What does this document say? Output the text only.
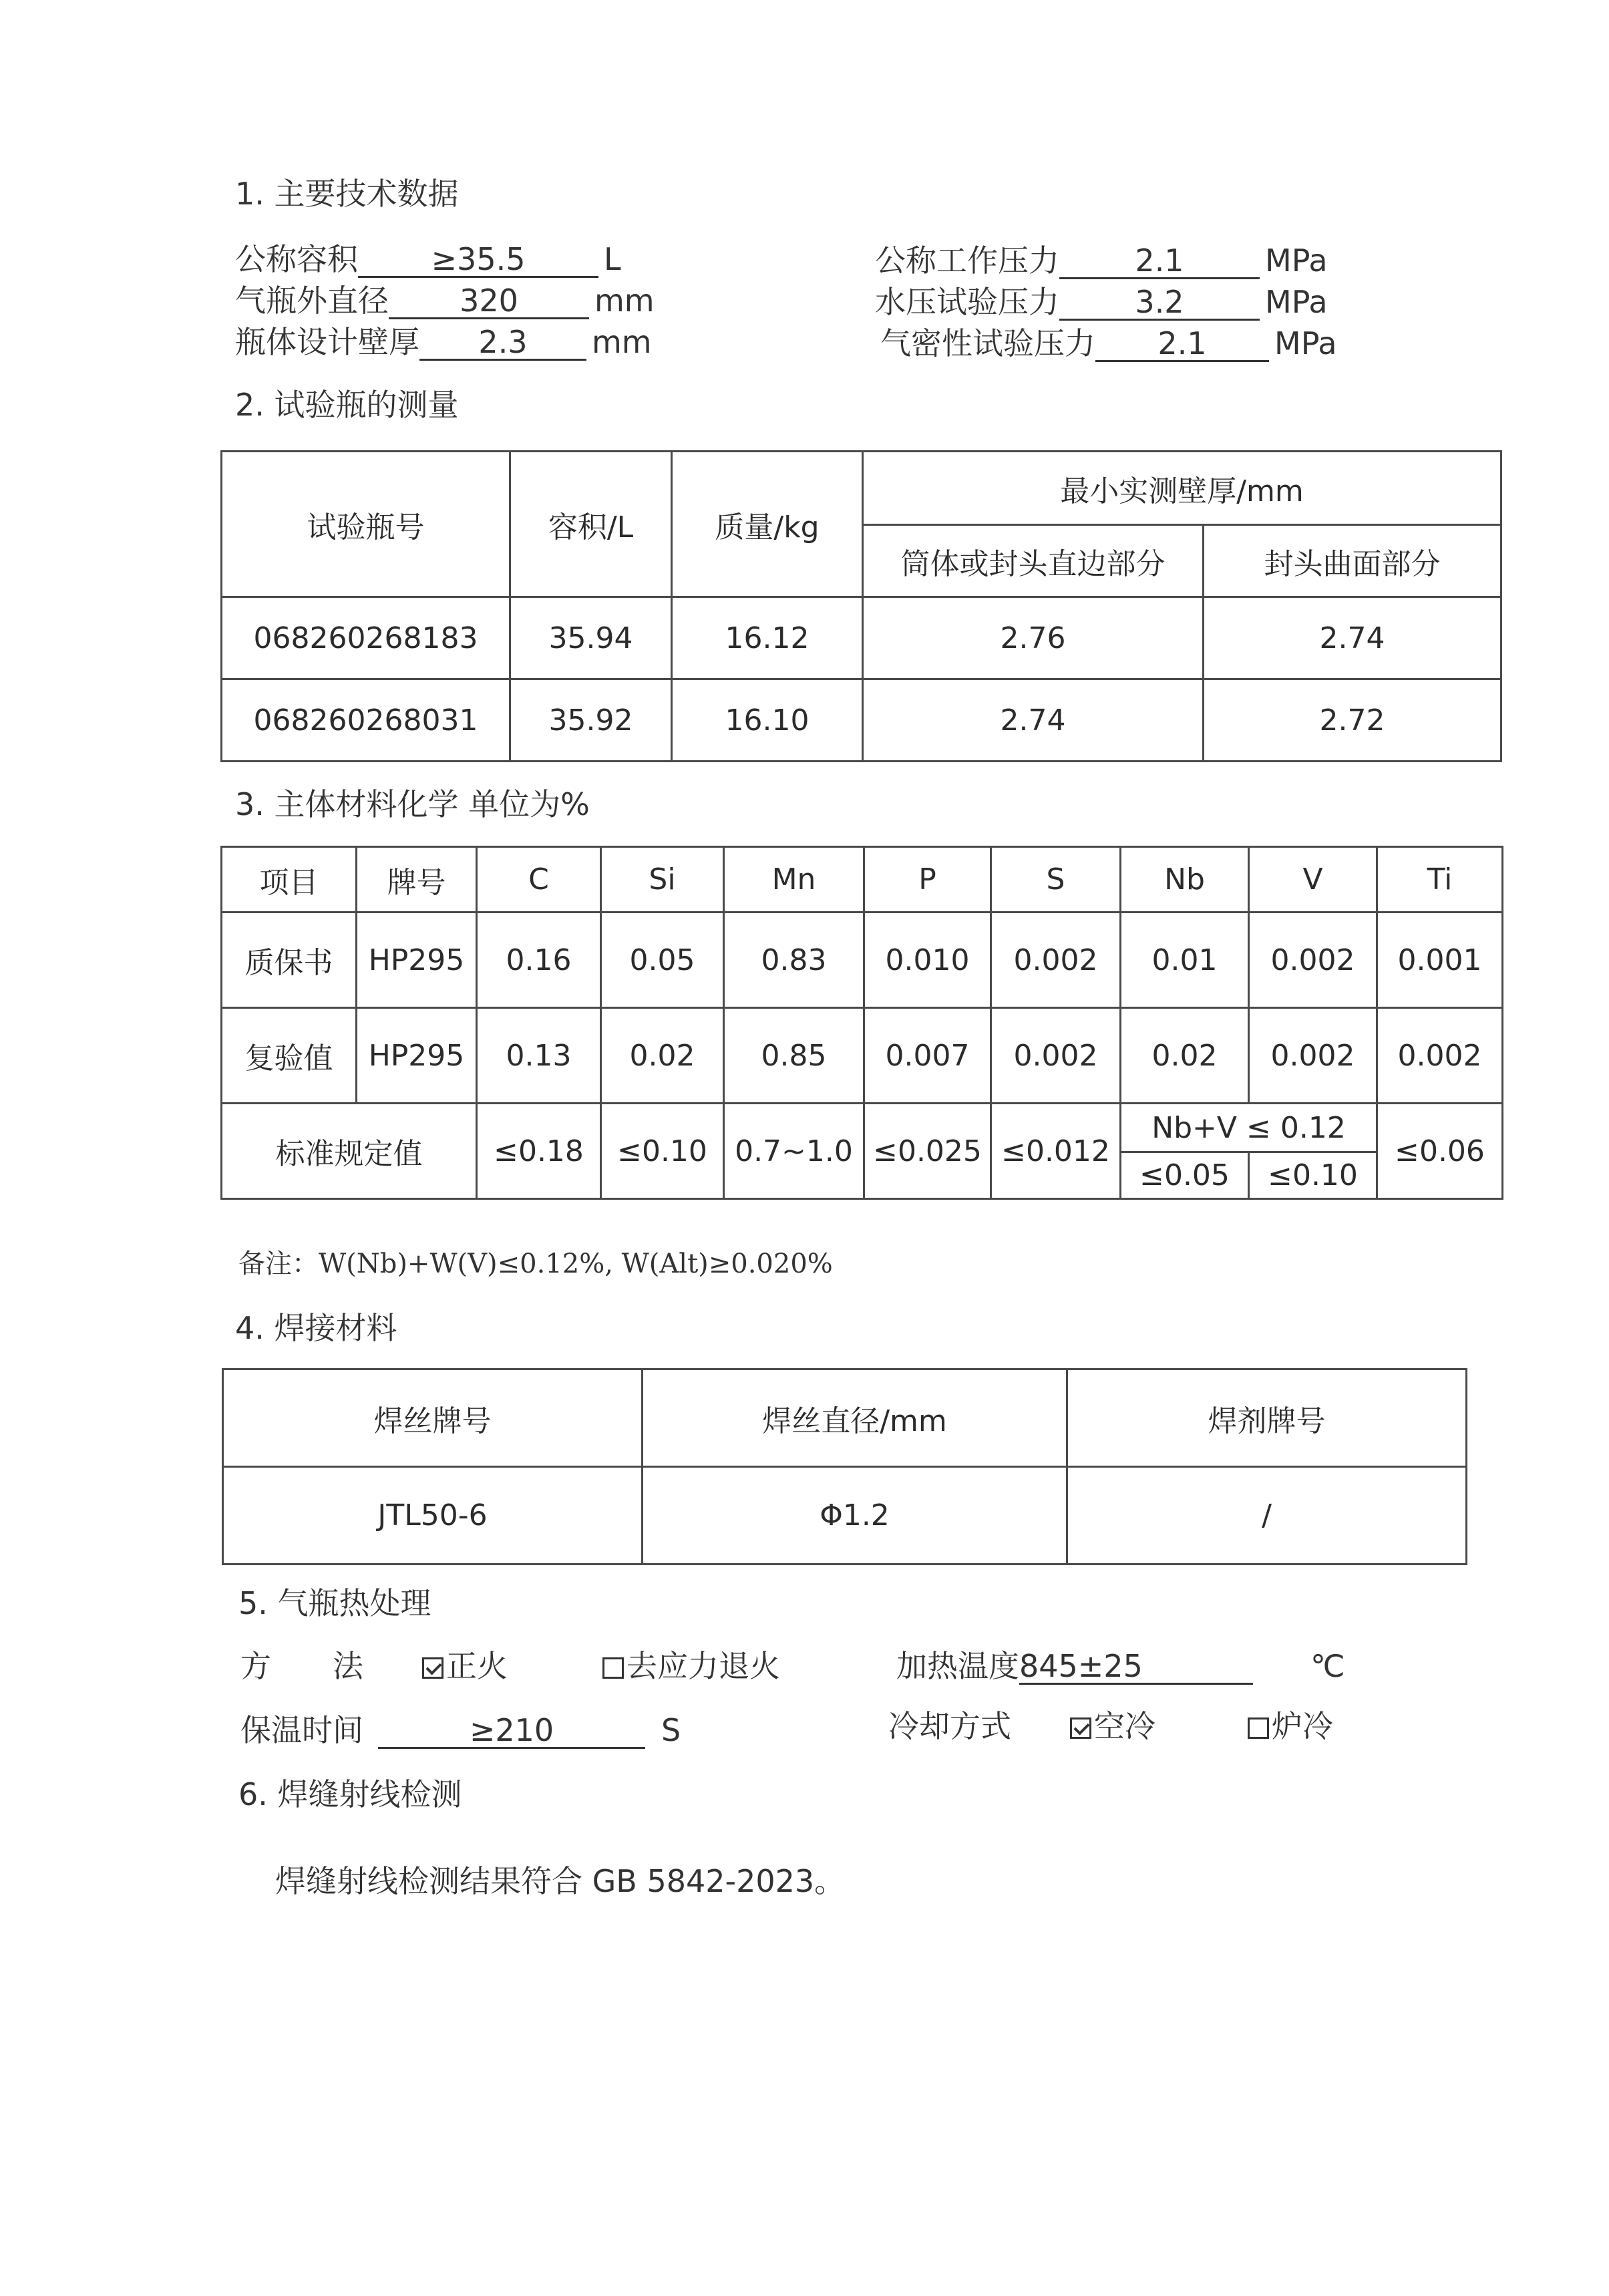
1. 主要技术数据
公称容积 ≥35.5	L
气瓶外直径 320 mm
瓶体设计壁厚 2.3 mm
公称工作压力 2.1	MPa
水压试验压力 3.2	MPa
气密性试验压力 2.1 MPa
2. 试验瓶的测量
试验瓶号	容积/L	质量/kg	最小实测壁厚/mm	
			筒体或封头直边部分	封头曲面部分
068260268183	35.94	16.12	2.76	2.74
068260268031	35.92	16.10	2.74	2.72
3. 主体材料化学 单位为%
项目	牌号	C	Si	Mn	P	S	Nb	V	Ti
质保书	HP295	0.16	0.05	0.83	0.010	0.002	0.01	0.002	0.001
复验值	HP295	0.13	0.02	0.85	0.007	0.002	0.02	0.002	0.002
标准规定值		≤0.18	≤0.10	0.7~1.0	≤0.025	≤0.012	Nb+V ≤ 0.12		≤0.06
							≤0.05	≤0.10	
备注：W(Nb)+W(V)≤0.12%, W(Alt)≥0.020%
4. 焊接材料
焊丝牌号	焊丝直径/mm	焊剂牌号
JTL50-6	Φ1.2	/
5. 气瓶热处理
方　　法	正火	去应力退火	加热温度845±25	℃
保温时间	≥210	S	冷却方式	空冷	炉冷
6. 焊缝射线检测
焊缝射线检测结果符合 GB 5842-2023。
